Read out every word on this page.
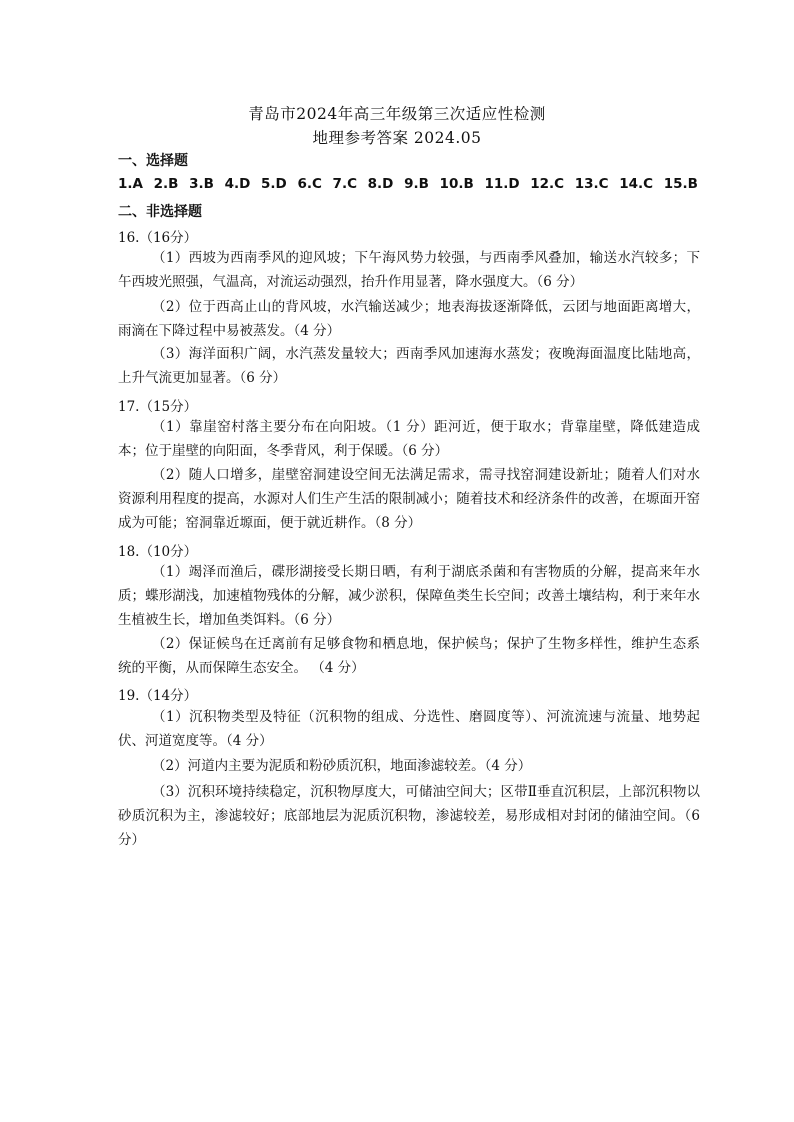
青岛市2024年高三年级第三次适应性检测
地理参考答案 2024.05
一、选择题
1.A 2.B 3.B 4.D 5.D 6.C 7.C 8.D 9.B 10.B 11.D 12.C 13.C 14.C 15.B
二、非选择题
16.（16分）
（1）西坡为西南季风的迎风坡；下午海风势力较强，与西南季风叠加，输送水汽较多；下午西坡光照强，气温高，对流运动强烈，抬升作用显著，降水强度大。（6 分）
（2）位于西高止山的背风坡，水汽输送减少；地表海拔逐渐降低，云团与地面距离增大，雨滴在下降过程中易被蒸发。（4 分）
（3）海洋面积广阔，水汽蒸发量较大；西南季风加速海水蒸发；夜晚海面温度比陆地高，上升气流更加显著。（6 分）
17.（15分）
（1）靠崖窑村落主要分布在向阳坡。（1 分）距河近，便于取水；背靠崖壁，降低建造成本；位于崖壁的向阳面，冬季背风，利于保暖。（6 分）
（2）随人口增多，崖壁窑洞建设空间无法满足需求，需寻找窑洞建设新址；随着人们对水资源利用程度的提高，水源对人们生产生活的限制减小；随着技术和经济条件的改善，在塬面开窑成为可能；窑洞靠近塬面，便于就近耕作。（8 分）
18.（10分）
（1）竭泽而渔后，碟形湖接受长期日晒，有利于湖底杀菌和有害物质的分解，提高来年水质；蝶形湖浅，加速植物残体的分解，减少淤积，保障鱼类生长空间；改善土壤结构，利于来年水生植被生长，增加鱼类饵料。（6 分）
（2）保证候鸟在迁离前有足够食物和栖息地，保护候鸟；保护了生物多样性，维护生态系统的平衡，从而保障生态安全。 （4 分）
19.（14分）
（1）沉积物类型及特征（沉积物的组成、分选性、磨圆度等）、河流流速与流量、地势起伏、河道宽度等。（4 分）
（2）河道内主要为泥质和粉砂质沉积，地面渗滤较差。（4 分）
（3）沉积环境持续稳定，沉积物厚度大，可储油空间大；区带Ⅱ垂直沉积层，上部沉积物以砂质沉积为主，渗滤较好；底部地层为泥质沉积物，渗滤较差，易形成相对封闭的储油空间。（6分）
